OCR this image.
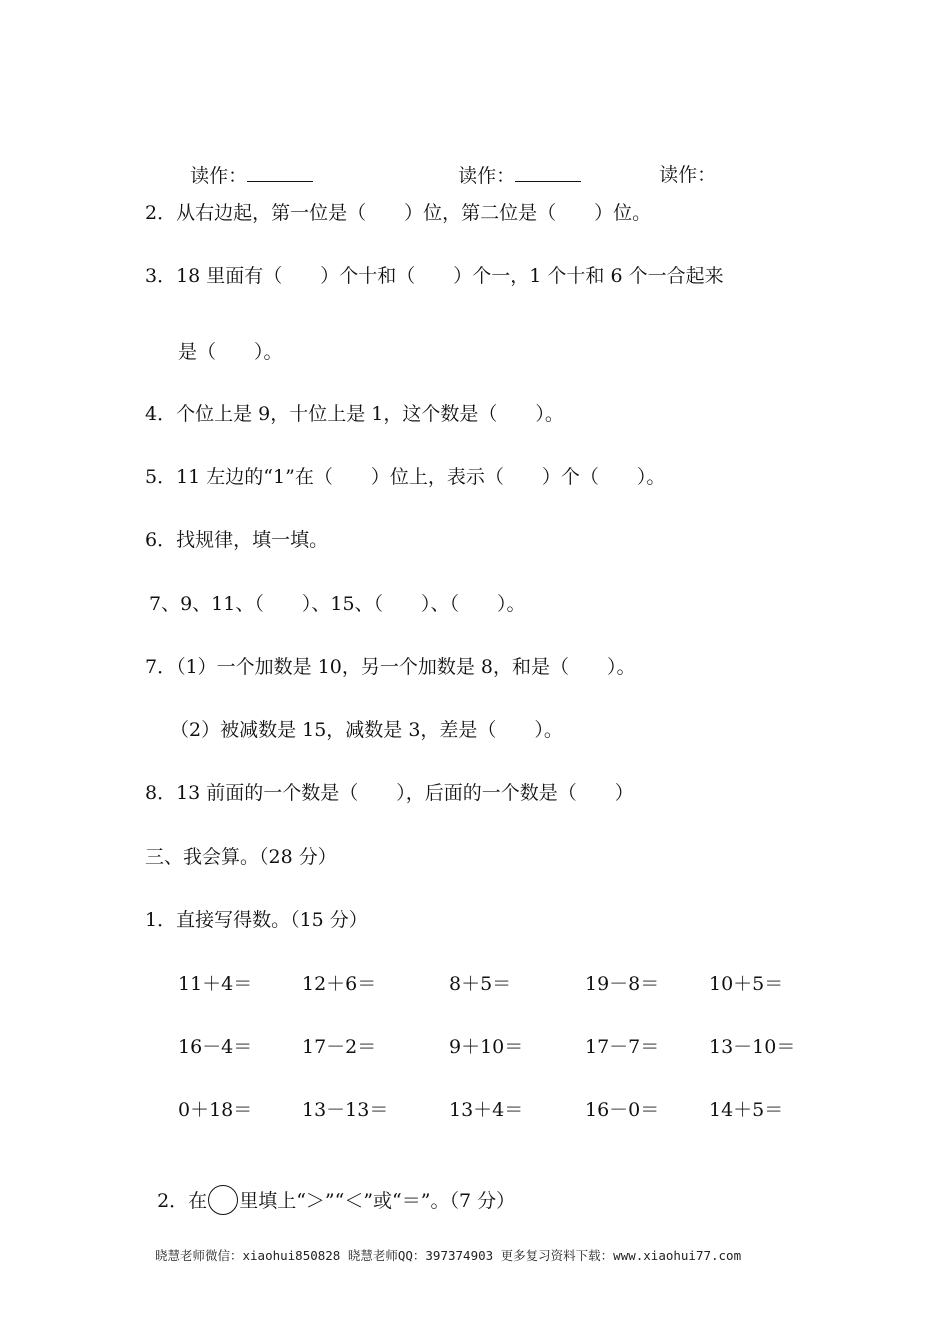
读作：	读作：	读作：

2．从右边起，第一位是（　　）位，第二位是（　　）位。
3．18 里面有（　　）个十和（　　）个一，1 个十和 6 个一合起来
是（　　）。
4．个位上是 9，十位上是 1，这个数是（　　）。
5．11 左边的“1”在（　　）位上，表示（　　）个（　　）。
6．找规律，填一填。
7、9、11、（　　）、15、（　　）、（　　）。
7．（1）一个加数是 10，另一个加数是 8，和是（　　）。
（2）被减数是 15，减数是 3，差是（　　）。
8．13 前面的一个数是（　　），后面的一个数是（　　）
三、我会算。（28 分）
1．直接写得数。（15 分）
11＋4＝	12＋6＝	8＋5＝	19－8＝	10＋5＝
16－4＝	17－2＝	9＋10＝	17－7＝	13－10＝
0＋18＝	13－13＝	13＋4＝	16－0＝	14＋5＝

2．在 里填上“＞”“＜”或“＝”。（7 分）

晓慧老师微信：xiaohui850828 晓慧老师QQ：397374903 更多复习资料下载：www.xiaohui77.com
